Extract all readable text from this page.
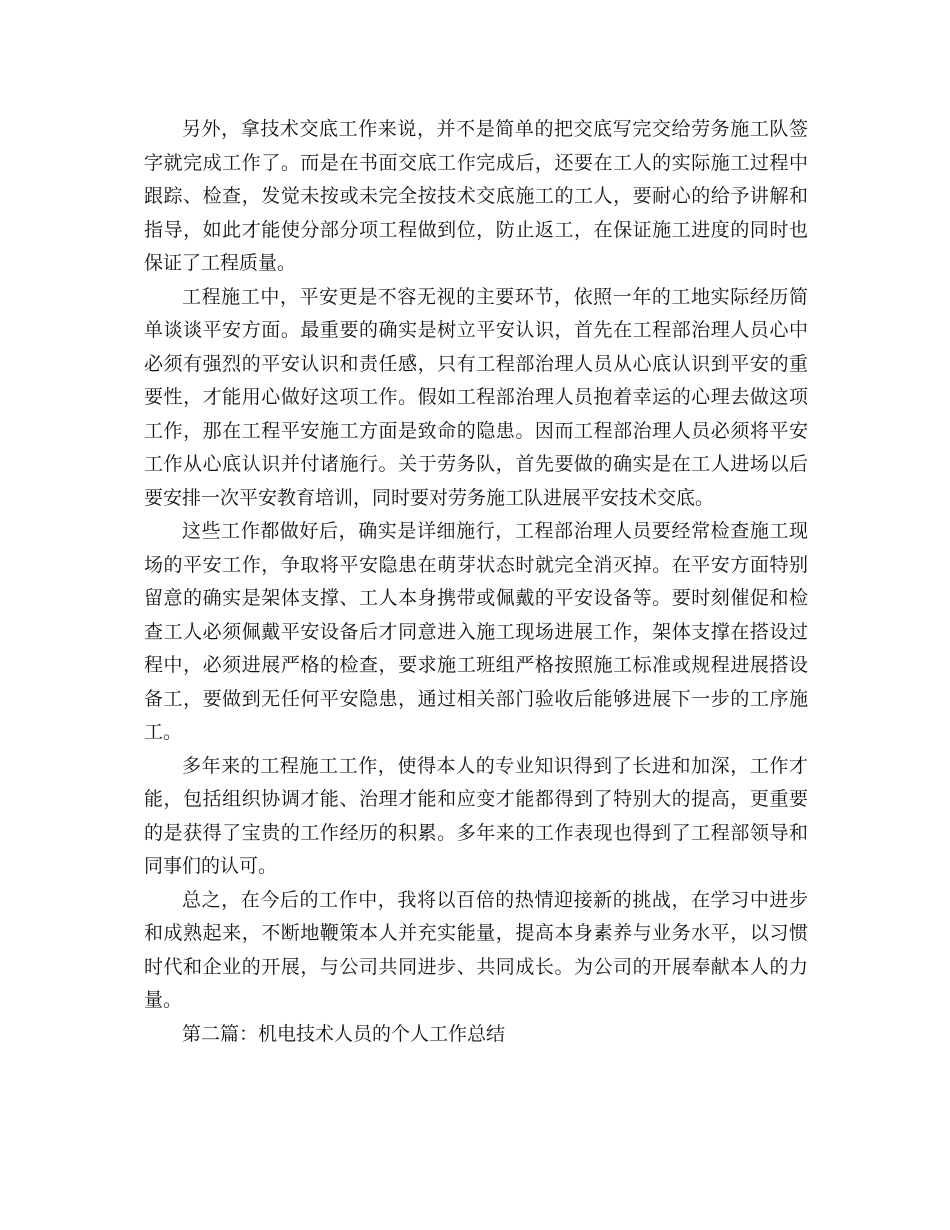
另外，拿技术交底工作来说，并不是简单的把交底写完交给劳务施工队签字就完成工作了。而是在书面交底工作完成后，还要在工人的实际施工过程中跟踪、检查，发觉未按或未完全按技术交底施工的工人，要耐心的给予讲解和指导，如此才能使分部分项工程做到位，防止返工，在保证施工进度的同时也保证了工程质量。

工程施工中，平安更是不容无视的主要环节，依照一年的工地实际经历简单谈谈平安方面。最重要的确实是树立平安认识，首先在工程部治理人员心中必须有强烈的平安认识和责任感，只有工程部治理人员从心底认识到平安的重要性，才能用心做好这项工作。假如工程部治理人员抱着幸运的心理去做这项工作，那在工程平安施工方面是致命的隐患。因而工程部治理人员必须将平安工作从心底认识并付诸施行。关于劳务队，首先要做的确实是在工人进场以后要安排一次平安教育培训，同时要对劳务施工队进展平安技术交底。

这些工作都做好后，确实是详细施行，工程部治理人员要经常检查施工现场的平安工作，争取将平安隐患在萌芽状态时就完全消灭掉。在平安方面特别留意的确实是架体支撑、工人本身携带或佩戴的平安设备等。要时刻催促和检查工人必须佩戴平安设备后才同意进入施工现场进展工作，架体支撑在搭设过程中，必须进展严格的检查，要求施工班组严格按照施工标准或规程进展搭设备工，要做到无任何平安隐患，通过相关部门验收后能够进展下一步的工序施工。

多年来的工程施工工作，使得本人的专业知识得到了长进和加深，工作才能，包括组织协调才能、治理才能和应变才能都得到了特别大的提高，更重要的是获得了宝贵的工作经历的积累。多年来的工作表现也得到了工程部领导和同事们的认可。

总之，在今后的工作中，我将以百倍的热情迎接新的挑战，在学习中进步和成熟起来，不断地鞭策本人并充实能量，提高本身素养与业务水平，以习惯时代和企业的开展，与公司共同进步、共同成长。为公司的开展奉献本人的力量。

第二篇：机电技术人员的个人工作总结
